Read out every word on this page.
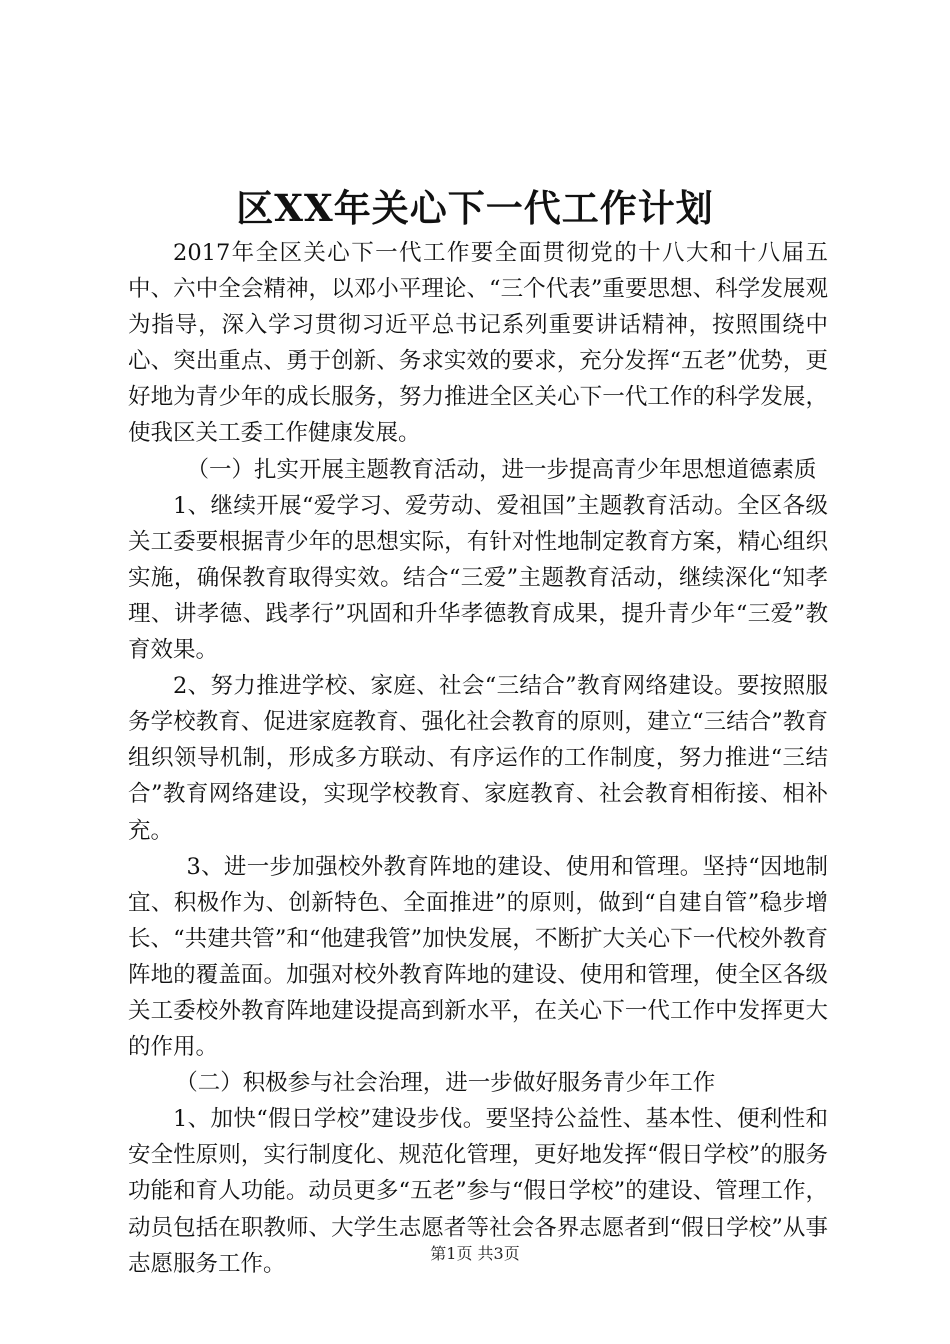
区XX年关心下一代工作计划

2017年全区关心下一代工作要全面贯彻党的十八大和十八届五中、六中全会精神，以邓小平理论、“三个代表”重要思想、科学发展观为指导，深入学习贯彻习近平总书记系列重要讲话精神，按照围绕中心、突出重点、勇于创新、务求实效的要求，充分发挥“五老”优势，更好地为青少年的成长服务，努力推进全区关心下一代工作的科学发展，使我区关工委工作健康发展。

（一）扎实开展主题教育活动，进一步提高青少年思想道德素质

1、继续开展“爱学习、爱劳动、爱祖国”主题教育活动。全区各级关工委要根据青少年的思想实际，有针对性地制定教育方案，精心组织实施，确保教育取得实效。结合“三爱”主题教育活动，继续深化“知孝理、讲孝德、践孝行”巩固和升华孝德教育成果，提升青少年“三爱”教育效果。

2、努力推进学校、家庭、社会“三结合”教育网络建设。要按照服务学校教育、促进家庭教育、强化社会教育的原则，建立“三结合”教育组织领导机制，形成多方联动、有序运作的工作制度，努力推进“三结合”教育网络建设，实现学校教育、家庭教育、社会教育相衔接、相补充。

3、进一步加强校外教育阵地的建设、使用和管理。坚持“因地制宜、积极作为、创新特色、全面推进”的原则，做到“自建自管”稳步增长、“共建共管”和“他建我管”加快发展，不断扩大关心下一代校外教育阵地的覆盖面。加强对校外教育阵地的建设、使用和管理，使全区各级关工委校外教育阵地建设提高到新水平，在关心下一代工作中发挥更大的作用。

（二）积极参与社会治理，进一步做好服务青少年工作

1、加快“假日学校”建设步伐。要坚持公益性、基本性、便利性和安全性原则，实行制度化、规范化管理，更好地发挥“假日学校”的服务功能和育人功能。动员更多“五老”参与“假日学校”的建设、管理工作，动员包括在职教师、大学生志愿者等社会各界志愿者到“假日学校”从事志愿服务工作。	第1页 共3页
